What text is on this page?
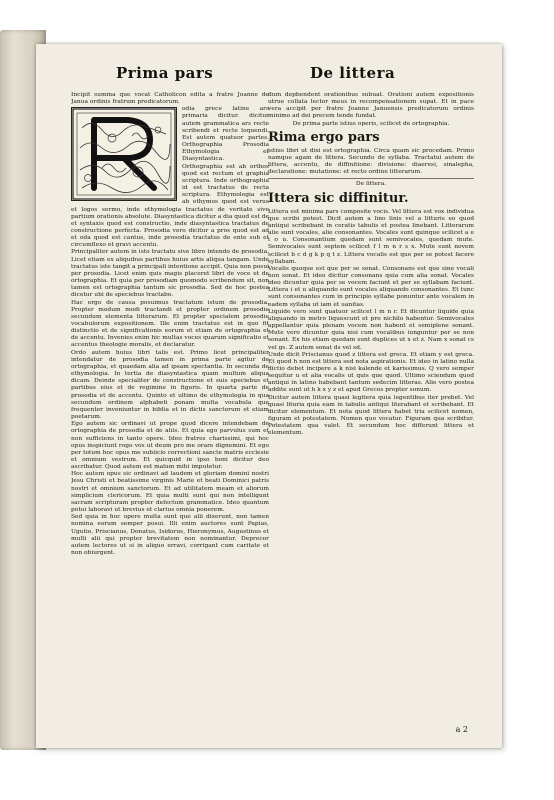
Prima pars	De littera

Incipit summa que vocat Catholicon edita a fratre Joanne de Janua ordinis fratrum predicatorum.

odia grece latine ars primaria dicitur. dicitur autem grammatica ars recte scribendi et recte loquendi. Est autem quatuor partes. Orthographia Prosodia Ethymologia et Diasyntastica.

Orthographia est ab orthos quod est rectum et graphia scriptura. Inde orthographia id est tractatus de recta scriptura. Ethymologia est ab ethymos quod est verus et logos sermo, inde ethymologia tractatus de veritate sive partium orationis absolute. Diasyntastica dicitur a dia quod est de et syntaxis quod est constructio, inde diasyntastica tractatus de constructione perfecta. Prosodia vero dicitur a pros quod est ad et oda quod est cantus, inde prosodia tractatus de ente sub et circumflexo et gravi accentu.

Principaliter autem in isto tractatu sive libro intendo de prosodia. Licet etiam ex aliquibus partibus huius artis aliqua tangam. Unde tractatus iste tangit a principali intentione accipit. Quia non posui per prosodia. Licet enim quis magis placeret libri de voce et de ortographia. Et quia per prosodiam quomodo scribendum sit, non tamen est ortographia tantum sic prosodia. Sed de hoc postea dicetur ubi de speciebus tractabo.

Hac ergo de causa posuimus tractatum istum de prosodia. Propter modum modi tractandi et propter ordinem prosodie secundum elementa litterarum. Et propter specialem prosodie vocabulorum expositionem. Ille enim tractatus est in quo fit distinctio et de significationis eorum et etiam de ortographia et de accentu. Invenies enim hic multas voces quarum significatio et accentus theologie moralis, et declaratur.

Ordo autem huius libri talis est. Primo licet principaliter intendatur de prosodia tamen in prima parte agitur de ortographia, et quaedam alia ad ipsam spectantia. In secunda de ethymologia. In tertia de diasyntastica quam multum aliqua dicam. Deinde specialiter de constructione et suis speciebus et partibus eius et de regimine in figuris. In quarta parte de prosodia et de accentu. Quinto et ultimo de ethymologia in qua secundum ordinem alphabeti ponam multa vocabula que frequenter inveniuntur in biblia et in dictis sanctorum et etiam poetarum.

Ego autem sic ordinavi ut prope quod dicere intendebam de ortographia de prosodia et de aliis. Et quia ego parvulus sum et non sufficiens in tanto opere. Ideo fratres charissimi, qui hoc opus inspiciunt rogo vos ut deum pro me orare dignemini. Et ego per totum hoc opus me subiicio correctioni sancte matris ecclesie et omnium vestrum. Et quicquid in ipso boni dicitur deo ascribatur. Quod autem est malum mihi imputetur.

Hoc autem opus sic ordinavi ad laudem et gloriam domini nostri Jesu Christi et beatissime virginis Marie et beati Dominici patris nostri et omnium sanctorum. Et ad utilitatem meam et aliorum simplicium clericorum. Et quia multi sunt qui non intelligunt sacram scripturam propter defectum grammatice. Ideo quantum potui laboravi ut brevius et clarius omnia ponerem.

Sed quia in hoc opere multa sunt que alii dixerunt, non tamen nomina eorum semper posui. Illi enim auctores sunt Papias, Ugutio, Priscianus, Donatus, Isidorus, Hieronymus, Augustinus et multi alii qui propter brevitatem non nominantur. Deprecor autem lectores ut si in aliquo erravi, corrigant cum caritate et non obiurgent.

dum depbendent orationibus subuat. Orationi autem expositionis utrue collata lector meus in recompensationem supat. Et in pace vera accipit per fratre Joanne Januensis predicatorum ordinis minimo ad dei precem tende fundat.

De prima parte istius operis, scilicet de ortographia.

Rima ergo pars

istius libri ut dixi est ortographia. Circa quam sic procedam. Primo namque agam de littera. Secundo de syllaba. Tractatui autem de littera, accentu, de diffinitione: divisione: diaeresi, sinalepha, declaratione: mutatione: et recto ordine litterarum.

De littera.

Ittera sic diffinitur.

Littera est minima pars composite vocis. Vel littera est vox individua que scribi potest. Dicit autem a lino linis vel a litturis eo quod antiqui scribebant in ceratis tabulis et postea linebant. Litterarum alie sunt vocales, alie consonantes. Vocales sunt quinque scilicet a e i o u. Consonantium quedam sunt semivocales, quedam mute. Semivocales sunt septem scilicet f l m n r s x. Mute sunt novem scilicet b c d g k p q t z. Littera vocalis est que per se potest facere syllabam.

Vocalis quoque est que per se sonat. Consonans est que sine vocali non sonat. Et ideo dicitur consonans quia cum alia sonat. Vocales ideo dicuntur quia per se vocem faciunt et per se syllabam faciunt. Littera i et u aliquando sunt vocales aliquando consonantes. Et tunc sunt consonantes cum in principio syllabe ponuntur ante vocalem in eadem syllaba ut iam et uanitas.

Liquide vero sunt quatuor scilicet l m n r. Et dicuntur liquide quia aliquando in metro liquescunt et pro nichilo habentur. Semivocales appellantur quia plenam vocem non habent et semiplene sonant. Mute vero dicuntur quia nisi cum vocalibus iunguntur per se non sonant. Ex his etiam quedam sunt duplices ut x et z. Nam x sonat cs vel gs. Z autem sonat ds vel sd.

Unde dicit Priscianus quod z littera est greca. Et etiam y est greca. Et quod h non est littera sed nota aspirationis. Et ideo in latino nulla dictio debet incipere a k nisi kalende et karissimus. Q vero semper sequitur u et alia vocalis ut quis que quod. Ultimo sciendum quod antiqui in latino habebant tantum sedecim litteras. Alie vero postea addite sunt ut h k x y z et apud Grecos propter sonum.

Dicitur autem littera quasi legitera quia legentibus iter prebet. Vel quasi lituria quia eam in tabulis antiqui literabant et scribebant. Et dicitur elementum. Et nota quod littera habet tria scilicet nomen, figuram et potestatem. Nomen quo vocatur. Figuram qua scribitur. Potestatem qua valet. Et secundum hoc differunt littera et elementum.

a 2
